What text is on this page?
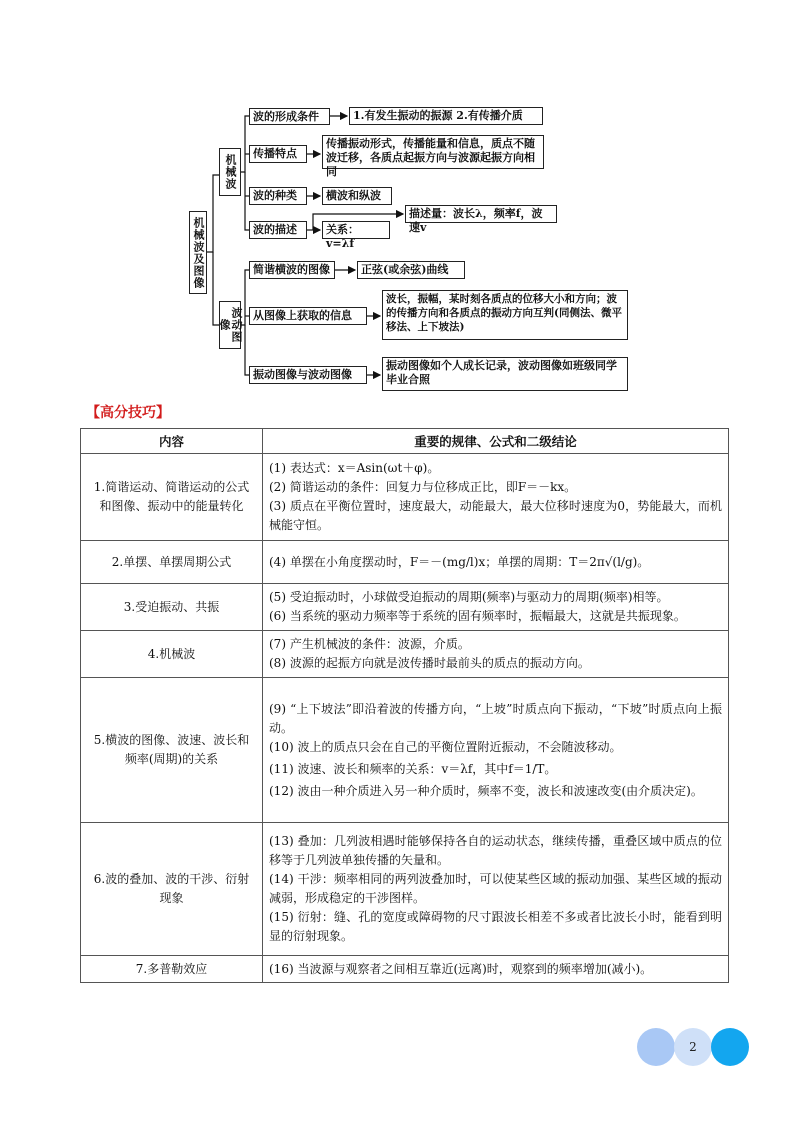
机械波及图像
机械波
波动图像
波的形成条件	1.有发生振动的振源 2.有传播介质
传播特点
传播振动形式，传播能量和信息，质点不随波迁移，各质点起振方向与波源起振方向相同
波的种类	横波和纵波
波的描述	关系：v=λf
描述量：波长λ，频率f，波速v
简谐横波的图像	正弦(或余弦)曲线
从图像上获取的信息
波长，振幅，某时刻各质点的位移大小和方向；波的传播方向和各质点的振动方向互判(同侧法、微平移法、上下坡法)
振动图像与波动图像
振动图像如个人成长记录，波动图像如班级同学毕业合照
【高分技巧】
内容	重要的规律、公式和二级结论
1.简谐运动、简谐运动的公式和图像、振动中的能量转化	(1) 表达式：x＝Asin(ωt＋φ)。
(2) 简谐运动的条件：回复力与位移成正比，即F＝－kx。
(3) 质点在平衡位置时，速度最大，动能最大，最大位移时速度为0，势能最大，而机械能守恒。

2.单摆、单摆周期公式	(4) 单摆在小角度摆动时，F＝－(mg/l)x；单摆的周期：T＝2π√(l/g)。

3.受迫振动、共振	(5) 受迫振动时，小球做受迫振动的周期(频率)与驱动力的周期(频率)相等。
(6) 当系统的驱动力频率等于系统的固有频率时，振幅最大，这就是共振现象。

4.机械波	(7) 产生机械波的条件：波源，介质。
(8) 波源的起振方向就是波传播时最前头的质点的振动方向。

5.横波的图像、波速、波长和频率(周期)的关系	(9) “上下坡法”即沿着波的传播方向，“上坡”时质点向下振动，“下坡”时质点向上振动。
(10) 波上的质点只会在自己的平衡位置附近振动，不会随波移动。
(11) 波速、波长和频率的关系：v＝λf，其中f＝1/T。
(12) 波由一种介质进入另一种介质时，频率不变，波长和波速改变(由介质决定)。

6.波的叠加、波的干涉、衍射现象	(13) 叠加：几列波相遇时能够保持各自的运动状态，继续传播，重叠区域中质点的位移等于几列波单独传播的矢量和。
(14) 干涉：频率相同的两列波叠加时，可以使某些区域的振动加强、某些区域的振动减弱，形成稳定的干涉图样。
(15) 衍射：缝、孔的宽度或障碍物的尺寸跟波长相差不多或者比波长小时，能看到明显的衍射现象。

7.多普勒效应	(16) 当波源与观察者之间相互靠近(远离)时，观察到的频率增加(减小)。
2
